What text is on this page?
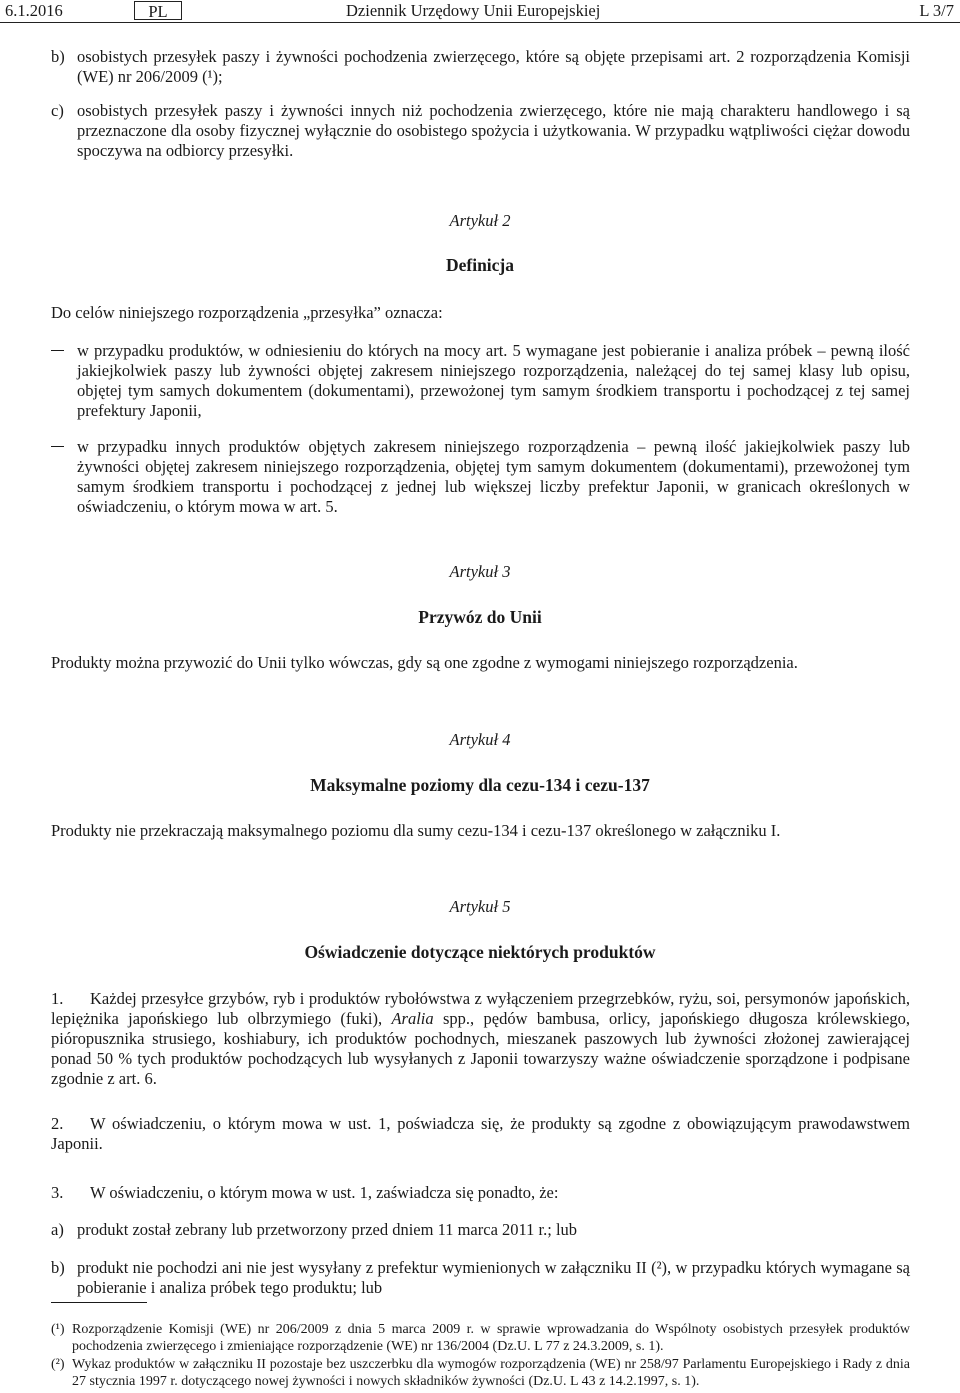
6.1.2016	PL	Dziennik Urzędowy Unii Europejskiej	L 3/7
b) osobistych przesyłek paszy i żywności pochodzenia zwierzęcego, które są objęte przepisami art. 2 rozporządzenia Komisji (WE) nr 206/2009 (¹);
c) osobistych przesyłek paszy i żywności innych niż pochodzenia zwierzęcego, które nie mają charakteru handlowego i są przeznaczone dla osoby fizycznej wyłącznie do osobistego spożycia i użytkowania. W przypadku wątpliwości ciężar dowodu spoczywa na odbiorcy przesyłki.
Artykuł 2
Definicja
Do celów niniejszego rozporządzenia „przesyłka” oznacza:
w przypadku produktów, w odniesieniu do których na mocy art. 5 wymagane jest pobieranie i analiza próbek – pewną ilość jakiejkolwiek paszy lub żywności objętej zakresem niniejszego rozporządzenia, należącej do tej samej klasy lub opisu, objętej tym samych dokumentem (dokumentami), przewożonej tym samym środkiem transportu i pochodzącej z tej samej prefektury Japonii,
w przypadku innych produktów objętych zakresem niniejszego rozporządzenia – pewną ilość jakiejkolwiek paszy lub żywności objętej zakresem niniejszego rozporządzenia, objętej tym samym dokumentem (dokumentami), przewożonej tym samym środkiem transportu i pochodzącej z jednej lub większej liczby prefektur Japonii, w granicach określonych w oświadczeniu, o którym mowa w art. 5.
Artykuł 3
Przywóz do Unii
Produkty można przywozić do Unii tylko wówczas, gdy są one zgodne z wymogami niniejszego rozporządzenia.
Artykuł 4
Maksymalne poziomy dla cezu-134 i cezu-137
Produkty nie przekraczają maksymalnego poziomu dla sumy cezu-134 i cezu-137 określonego w załączniku I.
Artykuł 5
Oświadczenie dotyczące niektórych produktów
1. Każdej przesyłce grzybów, ryb i produktów rybołówstwa z wyłączeniem przegrzebków, ryżu, soi, persymonów japońskich, lepiężnika japońskiego lub olbrzymiego (fuki), Aralia spp., pędów bambusa, orlicy, japońskiego długosza królewskiego, pióropusznika strusiego, koshiabury, ich produktów pochodnych, mieszanek paszowych lub żywności złożonej zawierającej ponad 50 % tych produktów pochodzących lub wysyłanych z Japonii towarzyszy ważne oświadczenie sporządzone i podpisane zgodnie z art. 6.
2. W oświadczeniu, o którym mowa w ust. 1, poświadcza się, że produkty są zgodne z obowiązującym prawodawstwem Japonii.
3. W oświadczeniu, o którym mowa w ust. 1, zaświadcza się ponadto, że:
a) produkt został zebrany lub przetworzony przed dniem 11 marca 2011 r.; lub
b) produkt nie pochodzi ani nie jest wysyłany z prefektur wymienionych w załączniku II (²), w przypadku których wymagane są pobieranie i analiza próbek tego produktu; lub
(¹) Rozporządzenie Komisji (WE) nr 206/2009 z dnia 5 marca 2009 r. w sprawie wprowadzania do Wspólnoty osobistych przesyłek produktów pochodzenia zwierzęcego i zmieniające rozporządzenie (WE) nr 136/2004 (Dz.U. L 77 z 24.3.2009, s. 1).
(²) Wykaz produktów w załączniku II pozostaje bez uszczerbku dla wymogów rozporządzenia (WE) nr 258/97 Parlamentu Europejskiego i Rady z dnia 27 stycznia 1997 r. dotyczącego nowej żywności i nowych składników żywności (Dz.U. L 43 z 14.2.1997, s. 1).
